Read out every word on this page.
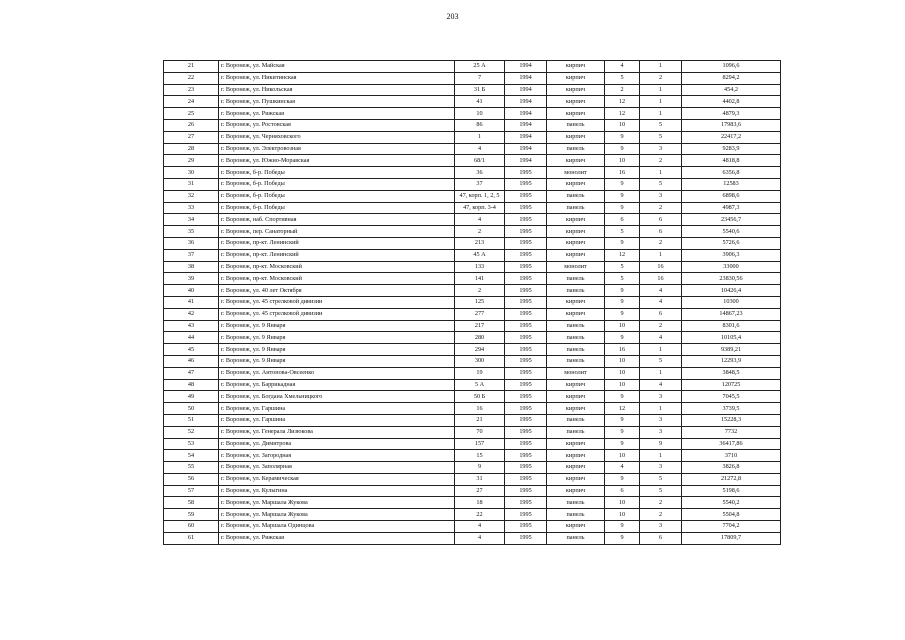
203
21	г. Воронеж, ул. Майская	25 А	1994	кирпич	4	1	1096,6
22	г. Воронеж, ул. Никитинская	7	1994	кирпич	5	2	8294,2
23	г. Воронеж, ул. Никольская	31 Б	1994	кирпич	2	1	454,2
24	г. Воронеж, ул. Пушкинская	41	1994	кирпич	12	1	4402,8
25	г. Воронеж, ул. Рижская	10	1994	кирпич	12	1	4879,3
26	г. Воронеж, ул. Ростовская	86	1994	панель	10	5	17983,6
27	г. Воронеж, ул. Черняховского	1	1994	кирпич	9	5	22417,2
28	г. Воронеж, ул. Электровозная	4	1994	панель	9	3	9283,9
29	г. Воронеж, ул. Южно-Моравская	68/1	1994	кирпич	10	2	4818,8
30	г. Воронеж, б-р. Победы	36	1995	монолит	16	1	6356,8
31	г. Воронеж, б-р. Победы	37	1995	кирпич	9	5	12583
32	г. Воронеж, б-р. Победы	47, корп. 1, 2, 5	1995	панель	9	3	6898,6
33	г. Воронеж, б-р. Победы	47, корп. 3-4	1995	панель	9	2	4987,3
34	г. Воронеж, наб. Спортивная	4	1995	кирпич	6	6	23456,7
35	г. Воронеж, пер. Санаторный	2	1995	кирпич	5	6	5540,6
36	г. Воронеж, пр-кт. Ленинский	213	1995	кирпич	9	2	5726,6
37	г. Воронеж, пр-кт. Ленинский	45 А	1995	кирпич	12	1	3906,3
38	г. Воронеж, пр-кт. Московский	133	1995	монолит	5	16	33000
39	г. Воронеж, пр-кт. Московский	141	1995	панель	5	16	23830,56
40	г. Воронеж, ул. 40 лет Октября	2	1995	панель	9	4	10426,4
41	г. Воронеж, ул. 45 стрелковой дивизии	125	1995	кирпич	9	4	10300
42	г. Воронеж, ул. 45 стрелковой дивизии	277	1995	кирпич	9	6	14867,23
43	г. Воронеж, ул. 9 Января	217	1995	панель	10	2	8301,6
44	г. Воронеж, ул. 9 Января	280	1995	панель	9	4	10105,4
45	г. Воронеж, ул. 9 Января	294	1995	панель	16	1	9389,21
46	г. Воронеж, ул. 9 Января	300	1995	панель	10	5	12293,9
47	г. Воронеж, ул. Антонова-Овсеенко	19	1995	монолит	10	1	3848,5
48	г. Воронеж, ул. Баррикадная	5 А	1995	кирпич	10	4	120725
49	г. Воронеж, ул. Богдана Хмельницкого	50 Б	1995	кирпич	9	3	7045,5
50	г. Воронеж, ул. Гаршина	16	1995	кирпич	12	1	3739,5
51	г. Воронеж, ул. Гаршина	21	1995	панель	9	3	15228,3
52	г. Воронеж, ул. Генерала Лизюкова	70	1995	панель	9	3	7732
53	г. Воронеж, ул. Димитрова	157	1995	кирпич	9	9	36417,86
54	г. Воронеж, ул. Загородная	15	1995	кирпич	10	1	3710
55	г. Воронеж, ул. Заполярная	9	1995	кирпич	4	3	3826,8
56	г. Воронеж, ул. Керамическая	31	1995	кирпич	9	5	21272,8
57	г. Воронеж, ул. Кулыгина	27	1995	кирпич	6	5	5198,6
58	г. Воронеж, ул. Маршала Жукова	18	1995	панель	10	2	5540,2
59	г. Воронеж, ул. Маршала Жукова	22	1995	панель	10	2	5504,8
60	г. Воронеж, ул. Маршала Одинцова	4	1995	кирпич	9	3	7704,2
61	г. Воронеж, ул. Рижская	4	1995	панель	9	6	17809,7
